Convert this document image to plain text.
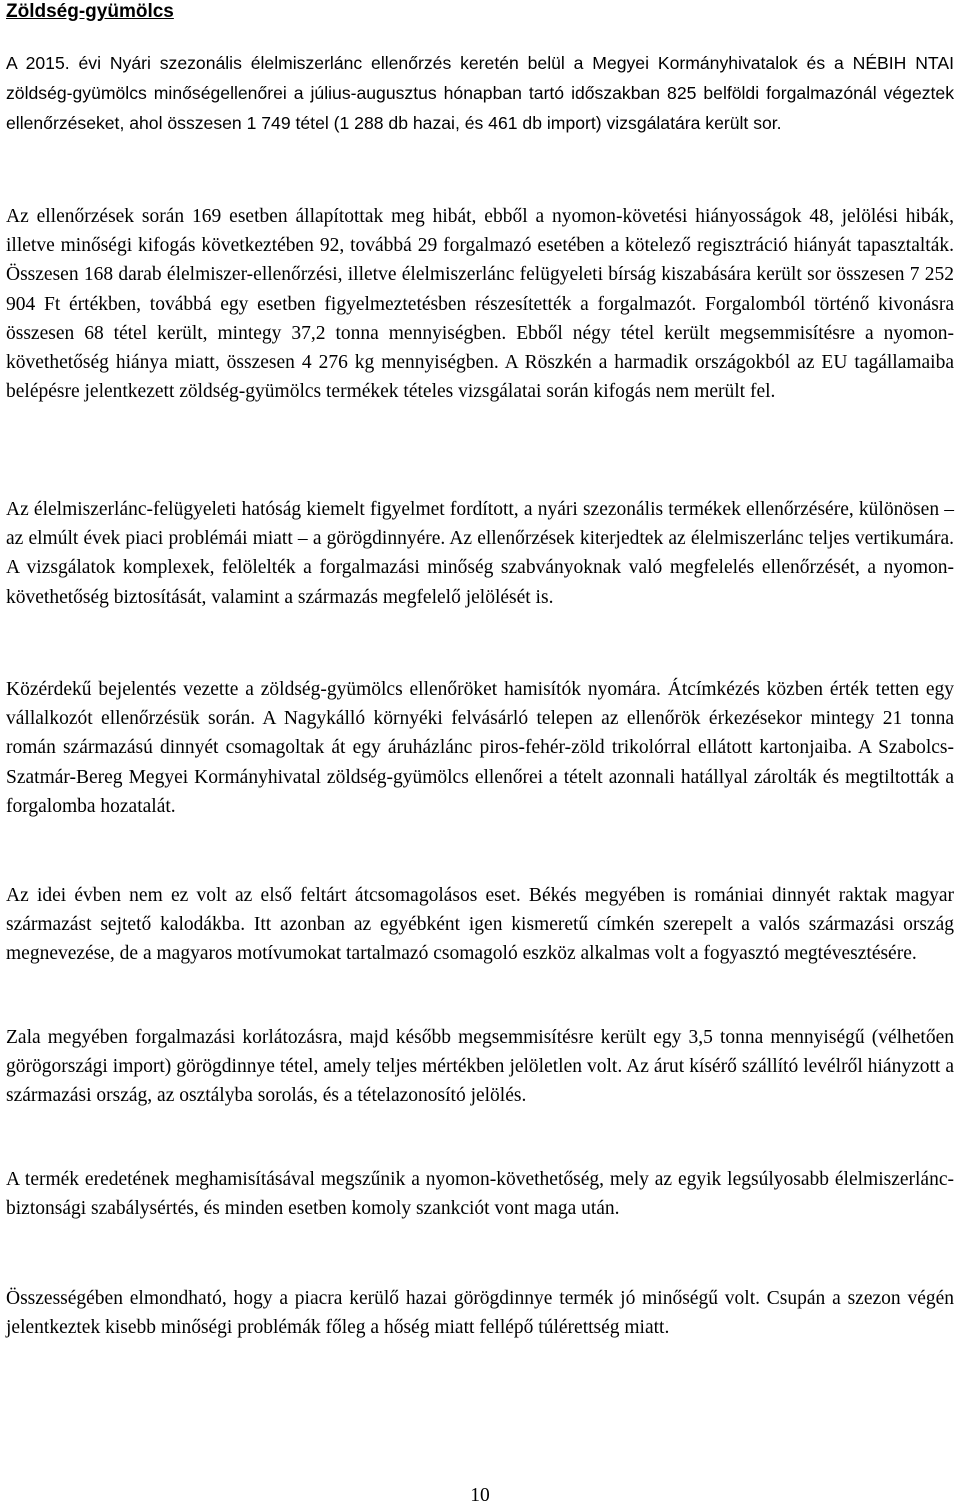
Zöldség-gyümölcs

A 2015. évi Nyári szezonális élelmiszerlánc ellenőrzés keretén belül a Megyei Kormányhivatalok és a NÉBIH NTAI zöldség-gyümölcs minőségellenőrei a július-augusztus hónapban tartó időszakban 825 belföldi forgalmazónál végeztek ellenőrzéseket, ahol összesen 1 749 tétel (1 288 db hazai, és 461 db import) vizsgálatára került sor.

Az ellenőrzések során 169 esetben állapítottak meg hibát, ebből a nyomon-követési hiányosságok 48, jelölési hibák, illetve minőségi kifogás következtében 92, továbbá 29 forgalmazó esetében a kötelező regisztráció hiányát tapasztalták. Összesen 168 darab élelmiszer-ellenőrzési, illetve élelmiszerlánc felügyeleti bírság kiszabására került sor összesen 7 252 904 Ft értékben, továbbá egy esetben figyelmeztetésben részesítették a forgalmazót. Forgalomból történő kivonásra összesen 68 tétel került, mintegy 37,2 tonna mennyiségben. Ebből négy tétel került megsemmisítésre a nyomon-követhetőség hiánya miatt, összesen 4 276 kg mennyiségben. A Röszkén a harmadik országokból az EU tagállamaiba belépésre jelentkezett zöldség-gyümölcs termékek tételes vizsgálatai során kifogás nem merült fel.

Az élelmiszerlánc-felügyeleti hatóság kiemelt figyelmet fordított, a nyári szezonális termékek ellenőrzésére, különösen – az elmúlt évek piaci problémái miatt – a görögdinnyére. Az ellenőrzések kiterjedtek az élelmiszerlánc teljes vertikumára. A vizsgálatok komplexek, felölelték a forgalmazási minőség szabványoknak való megfelelés ellenőrzését, a nyomon-követhetőség biztosítását, valamint a származás megfelelő jelölését is.

Közérdekű bejelentés vezette a zöldség-gyümölcs ellenőröket hamisítók nyomára. Átcímkézés közben érték tetten egy vállalkozót ellenőrzésük során. A Nagykálló környéki felvásárló telepen az ellenőrök érkezésekor mintegy 21 tonna román származású dinnyét csomagoltak át egy áruházlánc piros-fehér-zöld trikolórral ellátott kartonjaiba. A Szabolcs-Szatmár-Bereg Megyei Kormányhivatal zöldség-gyümölcs ellenőrei a tételt azonnali hatállyal zárolták és megtiltották a forgalomba hozatalát.

Az idei évben nem ez volt az első feltárt átcsomagolásos eset. Békés megyében is romániai dinnyét raktak magyar származást sejtető kalodákba. Itt azonban az egyébként igen kismeretű címkén szerepelt a valós származási ország megnevezése, de a magyaros motívumokat tartalmazó csomagoló eszköz alkalmas volt a fogyasztó megtévesztésére.

Zala megyében forgalmazási korlátozásra, majd később megsemmisítésre került egy 3,5 tonna mennyiségű (vélhetően görögországi import) görögdinnye tétel, amely teljes mértékben jelöletlen volt. Az árut kísérő szállító levélről hiányzott a származási ország, az osztályba sorolás, és a tételazonosító jelölés.

A termék eredetének meghamisításával megszűnik a nyomon-követhetőség, mely az egyik legsúlyosabb élelmiszerlánc-biztonsági szabálysértés, és minden esetben komoly szankciót vont maga után.

Összességében elmondható, hogy a piacra kerülő hazai görögdinnye termék jó minőségű volt. Csupán a szezon végén jelentkeztek kisebb minőségi problémák főleg a hőség miatt fellépő túlérettség miatt.

10
